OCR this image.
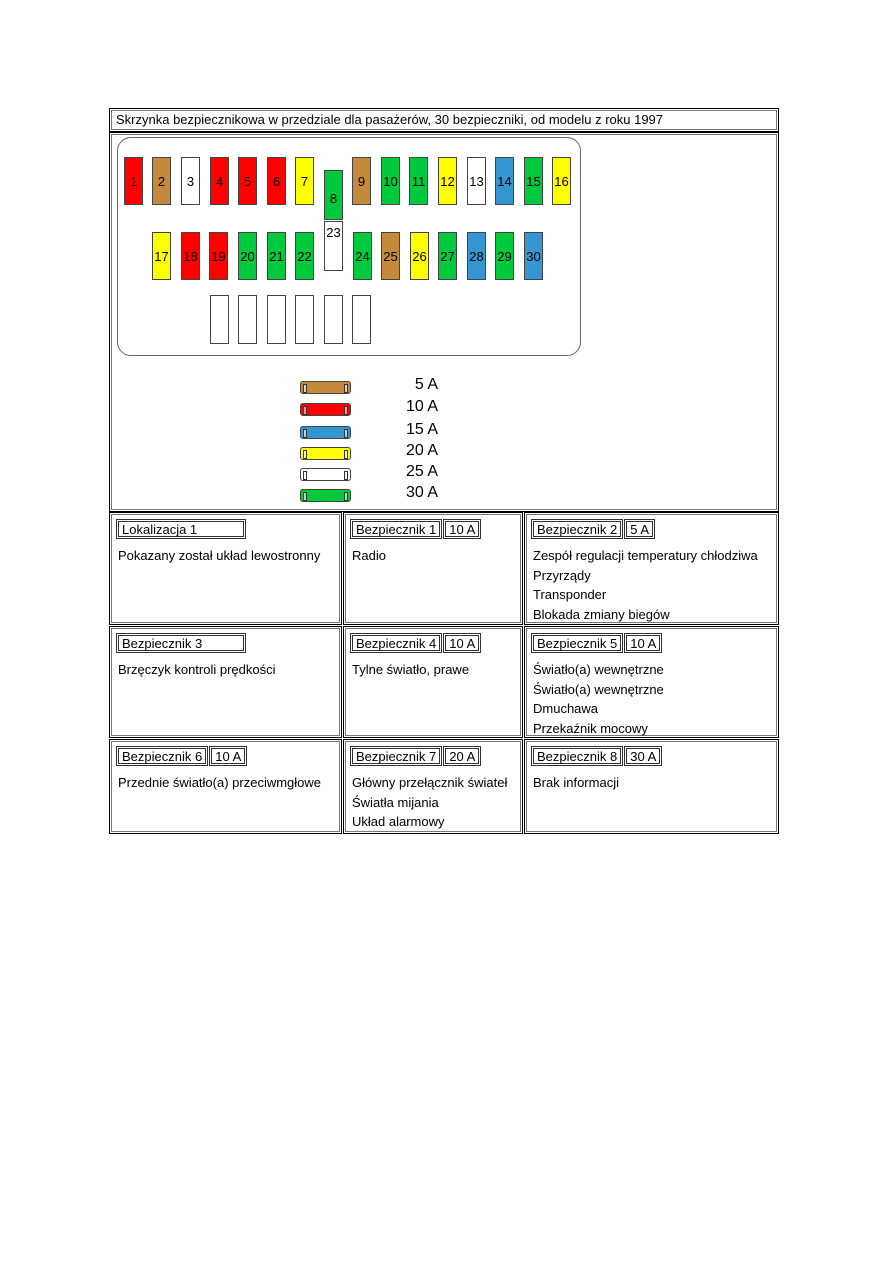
Skrzynka bezpiecznikowa w przedziale dla pasażerów, 30 bezpieczniki, od modelu z roku 1997
5 A
10 A
15 A
20 A
25 A
30 A
1	2	3	4	5	6	7
8
9	10 11 12 13 14 15 16
17 18 19 20 21 22
23
24 25 26 27 28 29 30
Lokalizacja 1
Pokazany został układ lewostronny
Bezpiecznik 1	10 A
Radio
Bezpiecznik 2	5 A
Zespół regulacji temperatury chłodziwa
Przyrządy
Transponder
Blokada zmiany biegów
Bezpiecznik 3
Brzęczyk kontroli prędkości
Bezpiecznik 4	10 A
Tylne światło, prawe
Bezpiecznik 5	10 A
Światło(a) wewnętrzne
Światło(a) wewnętrzne
Dmuchawa
Przekaźnik mocowy
Bezpiecznik 6	10 A
Przednie światło(a) przeciwmgłowe
Bezpiecznik 7	20 A
Główny przełącznik świateł
Światła mijania
Układ alarmowy
Bezpiecznik 8	30 A
Brak informacji
